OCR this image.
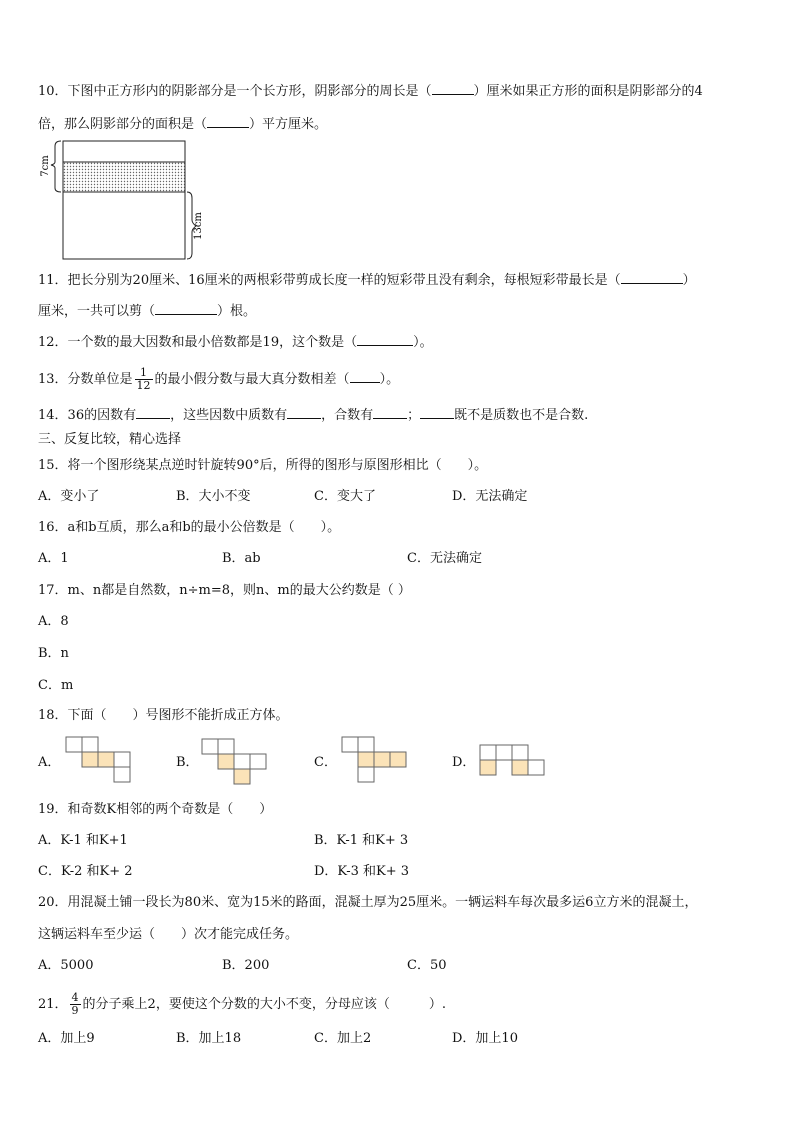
10．下图中正方形内的阴影部分是一个长方形，阴影部分的周长是（	）厘米如果正方形的面积是阴影部分的4
倍，那么阴影部分的面积是（	）平方厘米。
7cm
13cm
11．把长分别为20厘米、16厘米的两根彩带剪成长度一样的短彩带且没有剩余，每根短彩带最长是（	）
厘米，一共可以剪（	）根。
12．一个数的最大因数和最小倍数都是19，这个数是（	）。
13．分数单位是 $\frac{1}{12}$ 的最小假分数与最大真分数相差（ ）。
14．36的因数有	，这些因数中质数有	，合数有	；	既不是质数也不是合数.
三、反复比较，精心选择
15．将一个图形绕某点逆时针旋转90°后，所得的图形与原图形相比（　　）。
A．变小了	B．大小不变	C．变大了	D．无法确定
16．a和b互质，那么a和b的最小公倍数是（　　）。
A．1	B．ab	C．无法确定
17．m、n都是自然数，n÷m=8，则n、m的最大公约数是（ ）
A．8
B．n
C．m
18．下面（　　）号图形不能折成正方体。
A．	B．	C．	D．
19．和奇数K相邻的两个奇数是（　　）
A．K-1 和K+1	B．K-1 和K+ 3
C．K-2 和K+ 2	D．K-3 和K+ 3
20．用混凝土铺一段长为80米、宽为15米的路面，混凝土厚为25厘米。一辆运料车每次最多运6立方米的混凝土，
这辆运料车至少运（　　）次才能完成任务。
A．5000	B．200	C．50
21． $\frac{4}{9}$ 的分子乘上2，要使这个分数的大小不变，分母应该（　　　）.
A．加上9	B．加上18	C．加上2	D．加上10
